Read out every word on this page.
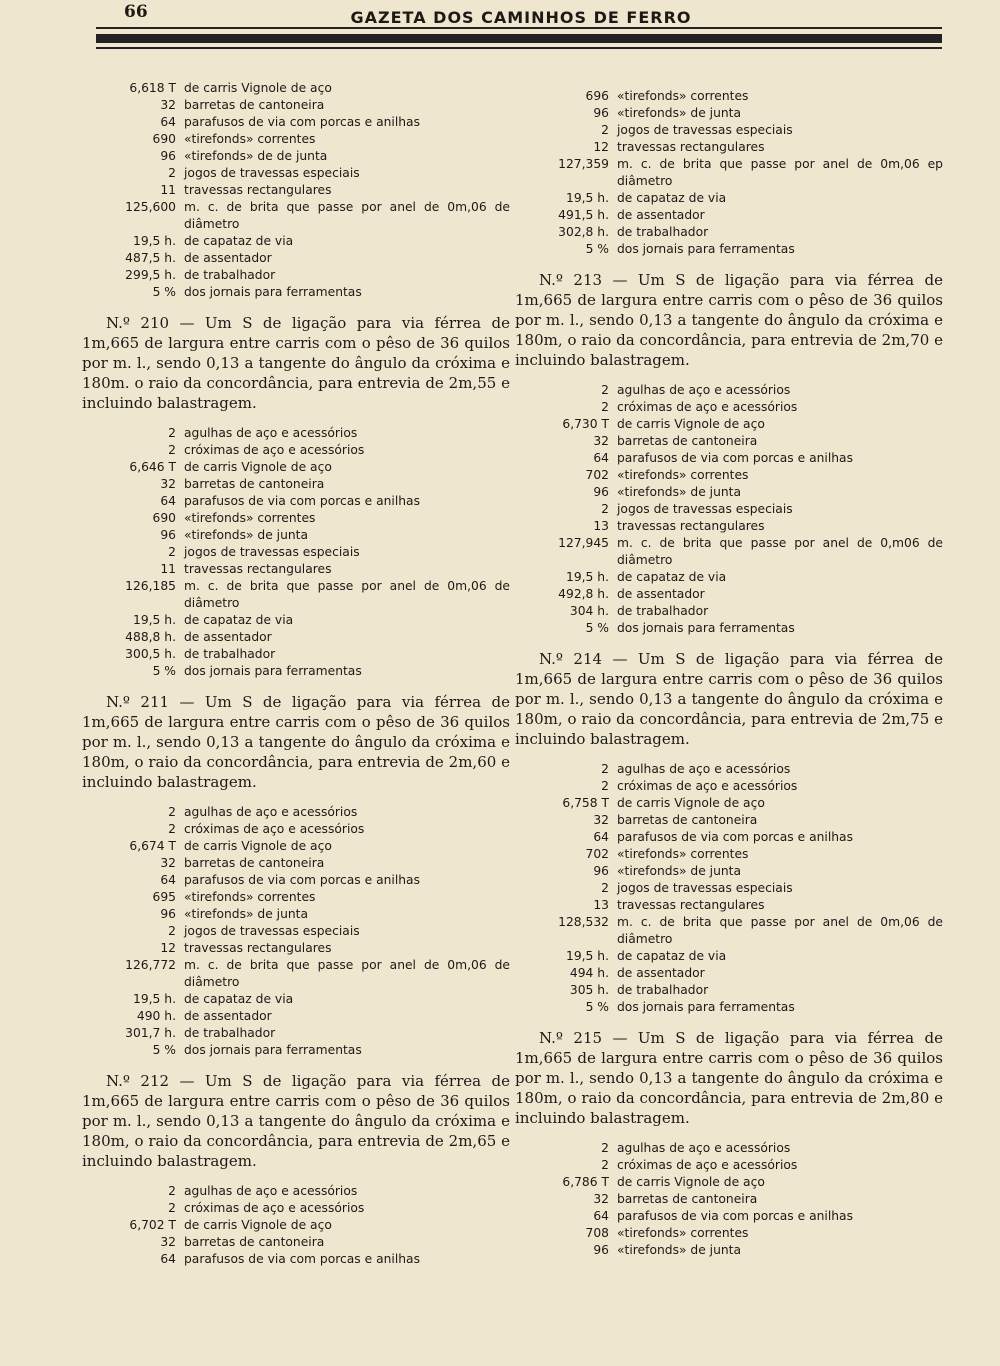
66	GAZETA DOS CAMINHOS DE FERRO
6,618 T de carris Vignole de aço
32 barretas de cantoneira
64 parafusos de via com porcas e anilhas
690 «tirefonds» correntes
96 «tirefonds» de de junta
2 jogos de travessas especiais
11 travessas rectangulares
125,600 m. c. de brita que passe por anel de 0m,06 de diâmetro
19,5 h. de capataz de via
487,5 h. de assentador
299,5 h. de trabalhador
5 % dos jornais para ferramentas

N.º 210 — Um S de ligação para via férrea de 1m,665 de largura entre carris com o pêso de 36 quilos por m. l., sendo 0,13 a tangente do ângulo da cróxima e 180m. o raio da concordância, para entrevia de 2m,55 e incluindo balastragem.

2 agulhas de aço e acessórios
2 cróximas de aço e acessórios
6,646 T de carris Vignole de aço
32 barretas de cantoneira
64 parafusos de via com porcas e anilhas
690 «tirefonds» correntes
96 «tirefonds» de junta
2 jogos de travessas especiais
11 travessas rectangulares
126,185 m. c. de brita que passe por anel de 0m,06 de diâmetro
19,5 h. de capataz de via
488,8 h. de assentador
300,5 h. de trabalhador
5 % dos jornais para ferramentas

N.º 211 — Um S de ligação para via férrea de 1m,665 de largura entre carris com o pêso de 36 quilos por m. l., sendo 0,13 a tangente do ângulo da cróxima e 180m, o raio da concordância, para entrevia de 2m,60 e incluindo balastragem.

2 agulhas de aço e acessórios
2 cróximas de aço e acessórios
6,674 T de carris Vignole de aço
32 barretas de cantoneira
64 parafusos de via com porcas e anilhas
695 «tirefonds» correntes
96 «tirefonds» de junta
2 jogos de travessas especiais
12 travessas rectangulares
126,772 m. c. de brita que passe por anel de 0m,06 de diâmetro
19,5 h. de capataz de via
490 h. de assentador
301,7 h. de trabalhador
5 % dos jornais para ferramentas

N.º 212 — Um S de ligação para via férrea de 1m,665 de largura entre carris com o pêso de 36 quilos por m. l., sendo 0,13 a tangente do ângulo da cróxima e 180m, o raio da concordância, para entrevia de 2m,65 e incluindo balastragem.

2 agulhas de aço e acessórios
2 cróximas de aço e acessórios
6,702 T de carris Vignole de aço
32 barretas de cantoneira
64 parafusos de via com porcas e anilhas
696 «tirefonds» correntes
96 «tirefonds» de junta
2 jogos de travessas especiais
12 travessas rectangulares
127,359 m. c. de brita que passe por anel de 0m,06 ep diâmetro
19,5 h. de capataz de via
491,5 h. de assentador
302,8 h. de trabalhador
5 % dos jornais para ferramentas

N.º 213 — Um S de ligação para via férrea de 1m,665 de largura entre carris com o pêso de 36 quilos por m. l., sendo 0,13 a tangente do ângulo da cróxima e 180m, o raio da concordância, para entrevia de 2m,70 e incluindo balastragem.

2 agulhas de aço e acessórios
2 cróximas de aço e acessórios
6,730 T de carris Vignole de aço
32 barretas de cantoneira
64 parafusos de via com porcas e anilhas
702 «tirefonds» correntes
96 «tirefonds» de junta
2 jogos de travessas especiais
13 travessas rectangulares
127,945 m. c. de brita que passe por anel de 0,m06 de diâmetro
19,5 h. de capataz de via
492,8 h. de assentador
304 h. de trabalhador
5 % dos jornais para ferramentas

N.º 214 — Um S de ligação para via férrea de 1m,665 de largura entre carris com o pêso de 36 quilos por m. l., sendo 0,13 a tangente do ângulo da cróxima e 180m, o raio da concordância, para entrevia de 2m,75 e incluindo balastragem.

2 agulhas de aço e acessórios
2 cróximas de aço e acessórios
6,758 T de carris Vignole de aço
32 barretas de cantoneira
64 parafusos de via com porcas e anilhas
702 «tirefonds» correntes
96 «tirefonds» de junta
2 jogos de travessas especiais
13 travessas rectangulares
128,532 m. c. de brita que passe por anel de 0m,06 de diâmetro
19,5 h. de capataz de via
494 h. de assentador
305 h. de trabalhador
5 % dos jornais para ferramentas

N.º 215 — Um S de ligação para via férrea de 1m,665 de largura entre carris com o pêso de 36 quilos por m. l., sendo 0,13 a tangente do ângulo da cróxima e 180m, o raio da concordância, para entrevia de 2m,80 e incluindo balastragem.

2 agulhas de aço e acessórios
2 cróximas de aço e acessórios
6,786 T de carris Vignole de aço
32 barretas de cantoneira
64 parafusos de via com porcas e anilhas
708 «tirefonds» correntes
96 «tirefonds» de junta
